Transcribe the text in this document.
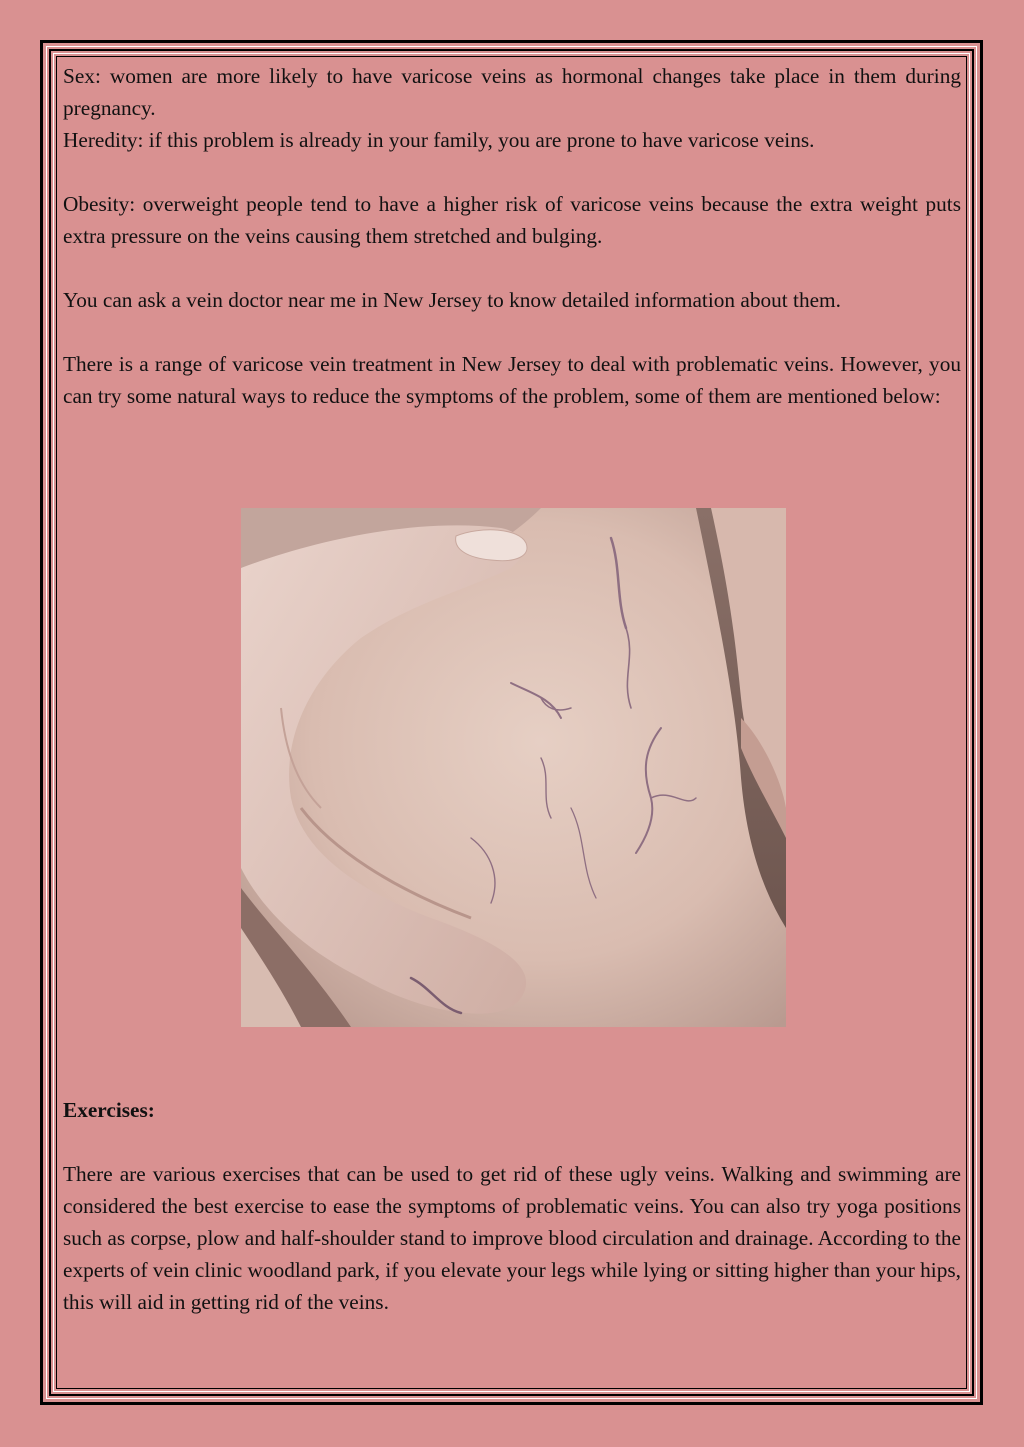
Sex: women are more likely to have varicose veins as hormonal changes take place in them during pregnancy.

Heredity: if this problem is already in your family, you are prone to have varicose veins.

Obesity: overweight people tend to have a higher risk of varicose veins because the extra weight puts extra pressure on the veins causing them stretched and bulging.

You can ask a vein doctor near me in New Jersey to know detailed information about them.

There is a range of varicose vein treatment in New Jersey to deal with problematic veins. However, you can try some natural ways to reduce the symptoms of the problem, some of them are mentioned below:

Exercises:

There are various exercises that can be used to get rid of these ugly veins. Walking and swimming are considered the best exercise to ease the symptoms of problematic veins. You can also try yoga positions such as corpse, plow and half-shoulder stand to improve blood circulation and drainage. According to the experts of vein clinic woodland park, if you elevate your legs while lying or sitting higher than your hips, this will aid in getting rid of the veins.
